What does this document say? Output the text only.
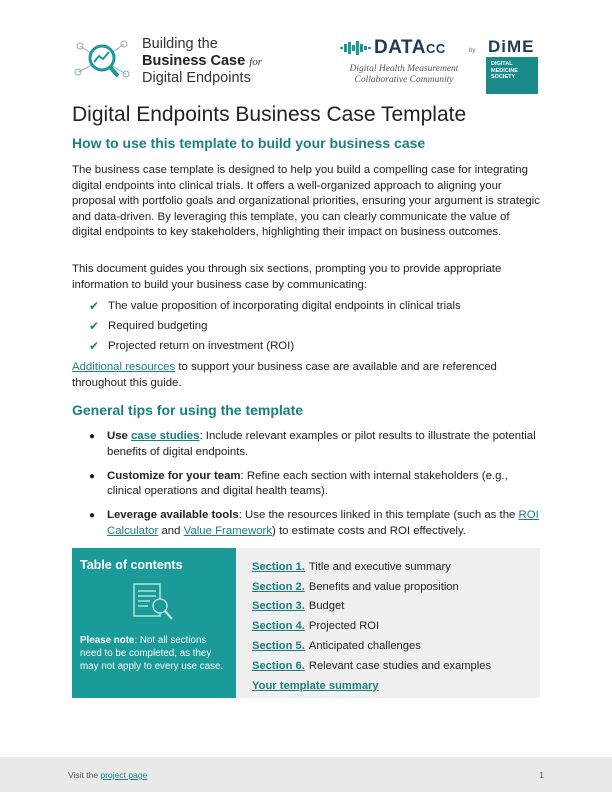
Building the
Business Case for
Digital Endpoints
DATACC
Digital Health Measurement
Collaborative Community
by DiME
DIGITAL
MEDICINE
SOCIETY
Digital Endpoints Business Case Template
How to use this template to build your business case

The business case template is designed to help you build a compelling case for integrating digital endpoints into clinical trials. It offers a well-organized approach to aligning your proposal with portfolio goals and organizational priorities, ensuring your argument is strategic and data-driven. By leveraging this template, you can clearly communicate the value of digital endpoints to key stakeholders, highlighting their impact on business outcomes.

This document guides you through six sections, prompting you to provide appropriate information to build your business case by communicating:

✔ The value proposition of incorporating digital endpoints in clinical trials
✔ Required budgeting
✔ Projected return on investment (ROI)

Additional resources to support your business case are available and are referenced throughout this guide.

General tips for using the template
● Use case studies: Include relevant examples or pilot results to illustrate the potential benefits of digital endpoints.
● Customize for your team: Refine each section with internal stakeholders (e.g., clinical operations and digital health teams).
● Leverage available tools: Use the resources linked in this template (such as the ROI Calculator and Value Framework) to estimate costs and ROI effectively.
Table of contents

Please note: Not all sections need to be completed, as they may not apply to every use case.

Section 1. Title and executive summary
Section 2. Benefits and value proposition
Section 3. Budget
Section 4. Projected ROI
Section 5. Anticipated challenges
Section 6. Relevant case studies and examples
Your template summary
Visit the project page	1
